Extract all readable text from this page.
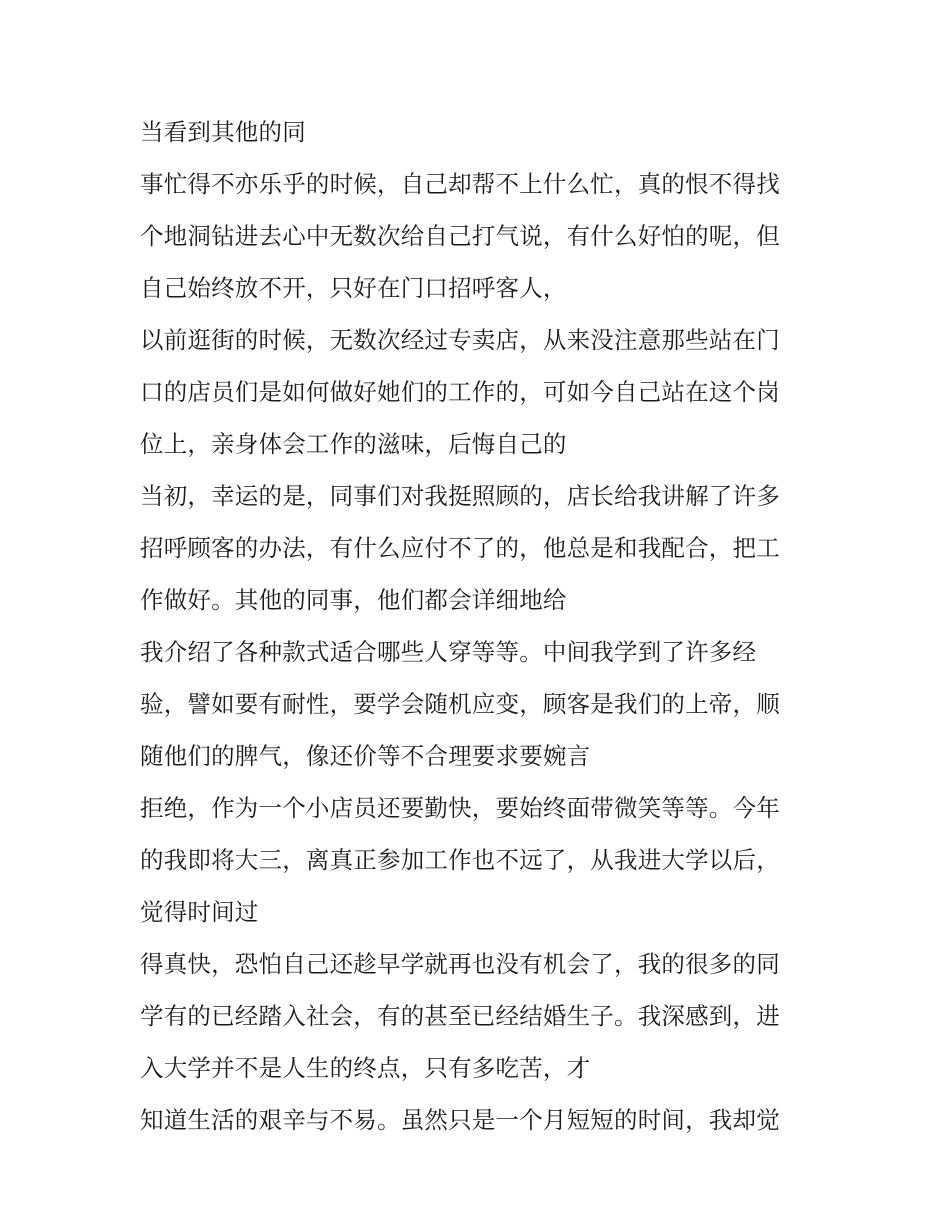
当看到其他的同
事忙得不亦乐乎的时候，自己却帮不上什么忙，真的恨不得找
个地洞钻进去心中无数次给自己打气说，有什么好怕的呢，但
自己始终放不开，只好在门口招呼客人，
以前逛街的时候，无数次经过专卖店，从来没注意那些站在门
口的店员们是如何做好她们的工作的，可如今自己站在这个岗
位上，亲身体会工作的滋味，后悔自己的
当初，幸运的是，同事们对我挺照顾的，店长给我讲解了许多
招呼顾客的办法，有什么应付不了的，他总是和我配合，把工
作做好。其他的同事，他们都会详细地给
我介绍了各种款式适合哪些人穿等等。中间我学到了许多经
验，譬如要有耐性，要学会随机应变，顾客是我们的上帝，顺
随他们的脾气，像还价等不合理要求要婉言
拒绝，作为一个小店员还要勤快，要始终面带微笑等等。今年
的我即将大三，离真正参加工作也不远了，从我进大学以后，
觉得时间过
得真快，恐怕自己还趁早学就再也没有机会了，我的很多的同
学有的已经踏入社会，有的甚至已经结婚生子。我深感到，进
入大学并不是人生的终点，只有多吃苦，才
知道生活的艰辛与不易。虽然只是一个月短短的时间，我却觉
